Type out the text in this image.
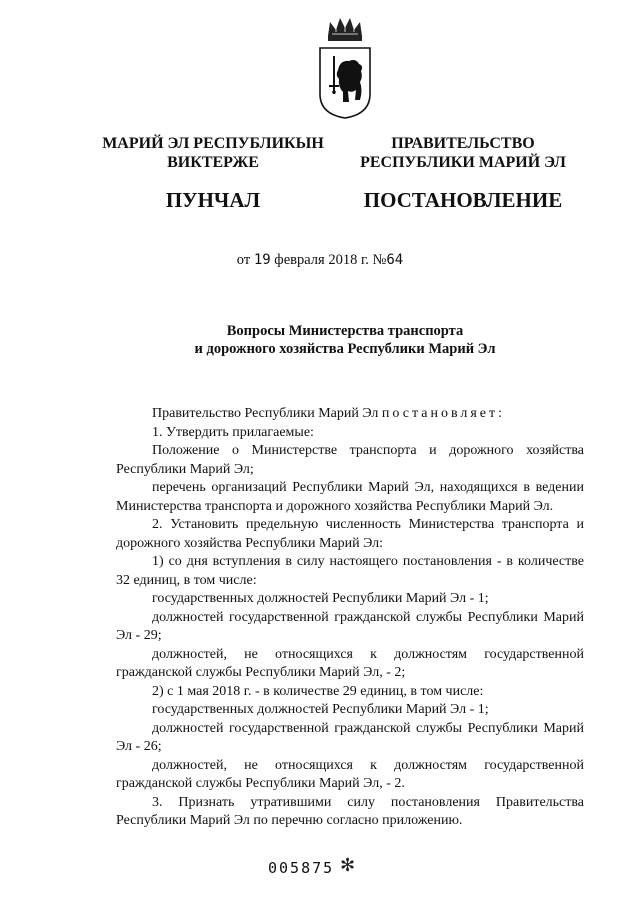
МАРИЙ ЭЛ РЕСПУБЛИКЫН
ВИКТЕРЖЕ
ПУНЧАЛ
ПРАВИТЕЛЬСТВО
РЕСПУБЛИКИ МАРИЙ ЭЛ
ПОСТАНОВЛЕНИЕ
от 19 февраля 2018 г. №64
Вопросы Министерства транспорта
и дорожного хозяйства Республики Марий Эл

Правительство Республики Марий Эл постановляет:

1. Утвердить прилагаемые:

Положение о Министерстве транспорта и дорожного хозяйства Республики Марий Эл;

перечень организаций Республики Марий Эл, находящихся в ведении Министерства транспорта и дорожного хозяйства Республики Марий Эл.

2. Установить предельную численность Министерства транспорта и дорожного хозяйства Республики Марий Эл:

1) со дня вступления в силу настоящего постановления - в количестве 32 единиц, в том числе:

государственных должностей Республики Марий Эл - 1;

должностей государственной гражданской службы Республики Марий Эл - 29;

должностей, не относящихся к должностям государственной гражданской службы Республики Марий Эл, - 2;

2) с 1 мая 2018 г. - в количестве 29 единиц, в том числе:

государственных должностей Республики Марий Эл - 1;

должностей государственной гражданской службы Республики Марий Эл - 26;

должностей, не относящихся к должностям государственной гражданской службы Республики Марий Эл, - 2.

3. Признать утратившими силу постановления Правительства Республики Марий Эл по перечню согласно приложению.

005875 ✻
